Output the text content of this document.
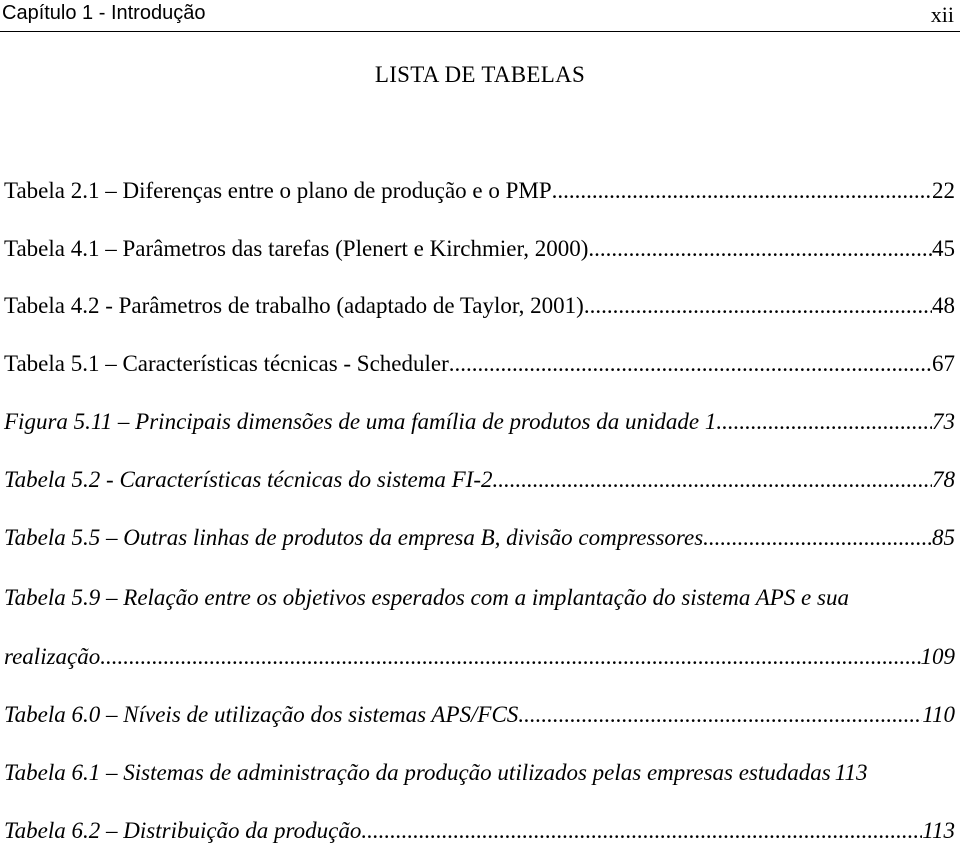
Capítulo 1 - Introdução	xii
LISTA DE TABELAS
Tabela 2.1 – Diferenças entre o plano de produção e o PMP .....	22
Tabela 4.1 – Parâmetros das tarefas (Plenert e Kirchmier, 2000) .....	45
Tabela 4.2 - Parâmetros de trabalho (adaptado de Taylor, 2001) .....	48
Tabela 5.1 – Características técnicas - Scheduler .....	67
Figura 5.11 – Principais dimensões de uma família de produtos da unidade 1 .....	73
Tabela 5.2 - Características técnicas do sistema FI-2 .....	78
Tabela 5.5 – Outras linhas de produtos da empresa B, divisão compressores .....	85
Tabela 5.9 – Relação entre os objetivos esperados com a implantação do sistema APS e sua
realização .....	109
Tabela 6.0 – Níveis de utilização dos sistemas APS/FCS .....	110
Tabela 6.1 – Sistemas de administração da produção utilizados pelas empresas estudadas 113
Tabela 6.2 – Distribuição da produção .....	113
